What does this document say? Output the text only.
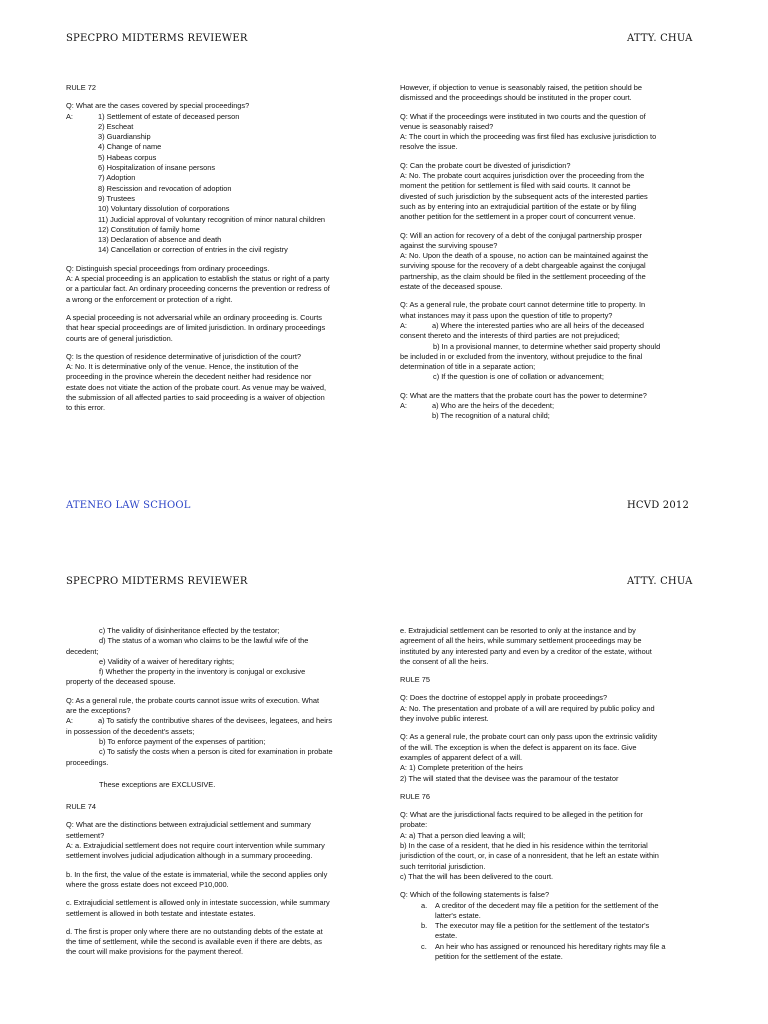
SPECPRO MIDTERMS REVIEWER	ATTY. CHUA

RULE 72

Q: What are the cases covered by special proceedings?

A:		1) Settlement of estate of deceased person
	2) Escheat
	3) Guardianship
	4) Change of name
	5) Habeas corpus
	6) Hospitalization of insane persons
	7) Adoption
	8) Rescission and revocation of adoption
	9) Trustees
	10) Voluntary dissolution of corporations
	11) Judicial approval of voluntary recognition of minor natural children
	12) Constitution of family home
	13) Declaration of absence and death
	14) Cancellation or correction of entries in the civil registry

Q: Distinguish special proceedings from ordinary proceedings.

A: A special proceeding is an application to establish the status or right of a party

or a particular fact. An ordinary proceeding concerns the prevention or redress of

a wrong or the enforcement or protection of a right.

A special proceeding is not adversarial while an ordinary proceeding is. Courts

that hear special proceedings are of limited jurisdiction. In ordinary proceedings

courts are of general jurisdiction.

Q: Is the question of residence determinative of jurisdiction of the court?

A: No. It is determinative only of the venue. Hence, the institution of the

proceeding in the province wherein the decedent neither had residence nor

estate does not vitiate the action of the probate court. As venue may be waived,

the submission of all affected parties to said proceeding is a waiver of objection

to this error.

However, if objection to venue is seasonably raised, the petition should be

dismissed and the proceedings should be instituted in the proper court.

Q: What if the proceedings were instituted in two courts and the question of

venue is seasonably raised?

A: The court in which the proceeding was first filed has exclusive jurisdiction to

resolve the issue.

Q: Can the probate court be divested of jurisdiction?

A: No. The probate court acquires jurisdiction over the proceeding from the

moment the petition for settlement is filed with said courts. It cannot be

divested of such jurisdiction by the subsequent acts of the interested parties

such as by entering into an extrajudicial partition of the estate or by filing

another petition for the settlement in a proper court of concurrent venue.

Q: Will an action for recovery of a debt of the conjugal partnership prosper

against the surviving spouse?

A: No. Upon the death of a spouse, no action can be maintained against the

surviving spouse for the recovery of a debt chargeable against the conjugal

partnership, as the claim should be filed in the settlement proceeding of the

estate of the deceased spouse.

Q: As a general rule, the probate court cannot determine title to property. In

what instances may it pass upon the question of title to property?

A:		a) Where the interested parties who are all heirs of the deceased

consent thereto and the interests of third parties are not prejudiced;

b) In a provisional manner, to determine whether said property should

be included in or excluded from the inventory, without prejudice to the final

determination of title in a separate action;

c) If the question is one of collation or advancement;

Q: What are the matters that the probate court has the power to determine?

A:		a) Who are the heirs of the decedent;
	b) The recognition of a natural child;
ATENEO LAW SCHOOL	HCVD 2012
SPECPRO MIDTERMS REVIEWER	ATTY. CHUA

c) The validity of disinheritance effected by the testator;

d) The status of a woman who claims to be the lawful wife of the

decedent;

e) Validity of a waiver of hereditary rights;

f) Whether the property in the inventory is conjugal or exclusive

property of the deceased spouse.

Q: As a general rule, the probate courts cannot issue writs of execution. What

are the exceptions?

A:		a) To satisfy the contributive shares of the devisees, legatees, and heirs

in possession of the decedent's assets;

b) To enforce payment of the expenses of partition;

c) To satisfy the costs when a person is cited for examination in probate

proceedings.

These exceptions are EXCLUSIVE.

RULE 74

Q: What are the distinctions between extrajudicial settlement and summary

settlement?

A: a. Extrajudicial settlement does not require court intervention while summary

settlement involves judicial adjudication although in a summary proceeding.

b. In the first, the value of the estate is immaterial, while the second applies only

where the gross estate does not exceed P10,000.

c. Extrajudicial settlement is allowed only in intestate succession, while summary

settlement is allowed in both testate and intestate estates.

d. The first is proper only where there are no outstanding debts of the estate at

the time of settlement, while the second is available even if there are debts, as

the court will make provisions for the payment thereof.

e. Extrajudicial settlement can be resorted to only at the instance and by

agreement of all the heirs, while summary settlement proceedings may be

instituted by any interested party and even by a creditor of the estate, without

the consent of all the heirs.

RULE 75

Q: Does the doctrine of estoppel apply in probate proceedings?

A: No. The presentation and probate of a will are required by public policy and

they involve public interest.

Q: As a general rule, the probate court can only pass upon the extrinsic validity

of the will. The exception is when the defect is apparent on its face. Give

examples of apparent defect of a will.

A: 1) Complete preterition of the heirs

2) The will stated that the devisee was the paramour of the testator

RULE 76

Q: What are the jurisdictional facts required to be alleged in the petition for

probate:

A: a) That a person died leaving a will;

b) In the case of a resident, that he died in his residence within the territorial

jurisdiction of the court, or, in case of a nonresident, that he left an estate within

such territorial jurisdiction.

c) That the will has been delivered to the court.

Q: Which of the following statements is false?

a.	A creditor of the decedent may file a petition for the settlement of the
	latter's estate.
b.	The executor may file a petition for the settlement of the testator's
	estate.
c.	An heir who has assigned or renounced his hereditary rights may file a
	petition for the settlement of the estate.
